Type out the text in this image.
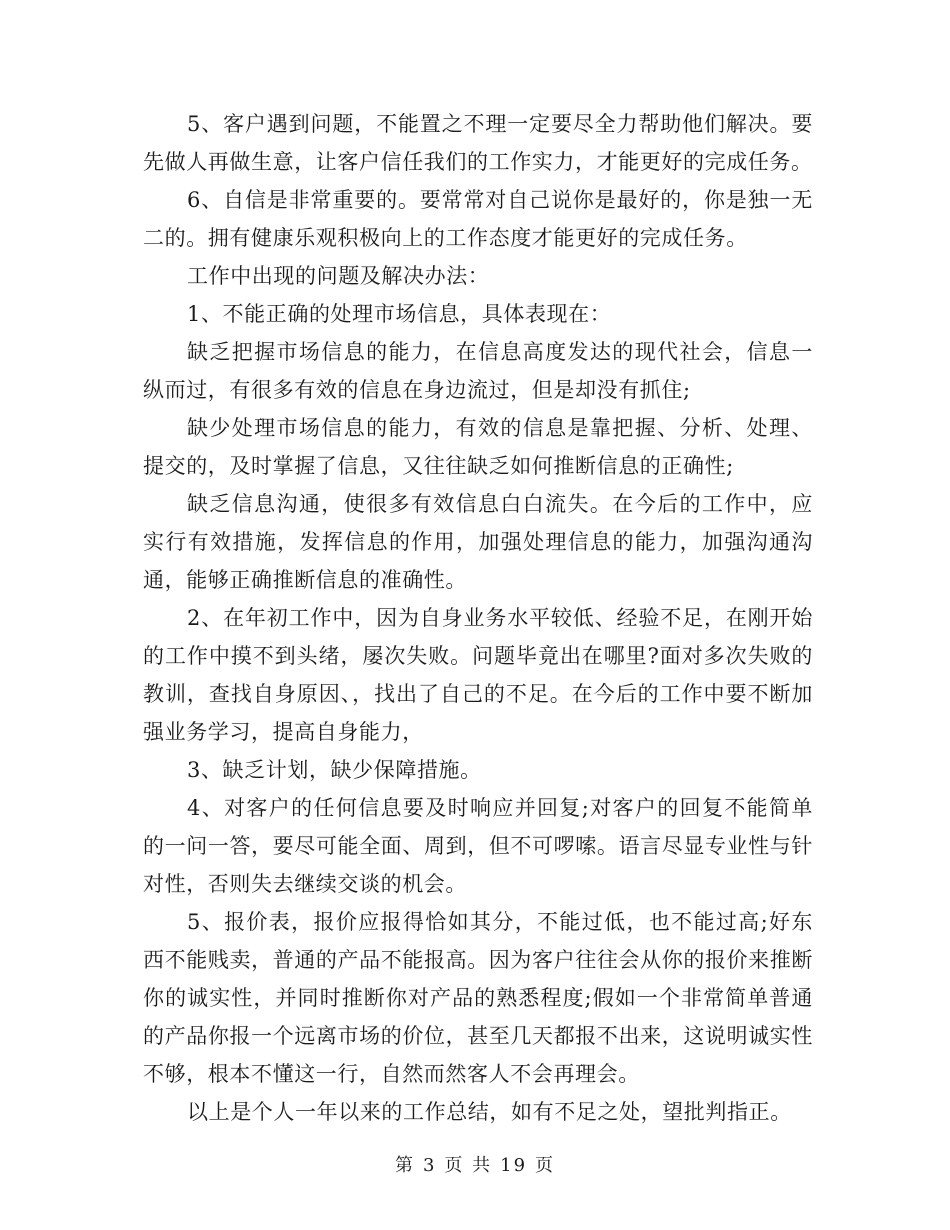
5、客户遇到问题，不能置之不理一定要尽全力帮助他们解决。要先做人再做生意，让客户信任我们的工作实力，才能更好的完成任务。

6、自信是非常重要的。要常常对自己说你是最好的，你是独一无二的。拥有健康乐观积极向上的工作态度才能更好的完成任务。

工作中出现的问题及解决办法：

1、不能正确的处理市场信息，具体表现在：

缺乏把握市场信息的能力，在信息高度发达的现代社会，信息一纵而过，有很多有效的信息在身边流过，但是却没有抓住;

缺少处理市场信息的能力，有效的信息是靠把握、分析、处理、提交的，及时掌握了信息，又往往缺乏如何推断信息的正确性;

缺乏信息沟通，使很多有效信息白白流失。在今后的工作中，应实行有效措施，发挥信息的作用，加强处理信息的能力，加强沟通沟通，能够正确推断信息的准确性。

2、在年初工作中，因为自身业务水平较低、经验不足，在刚开始的工作中摸不到头绪，屡次失败。问题毕竟出在哪里?面对多次失败的教训，查找自身原因、，找出了自己的不足。在今后的工作中要不断加强业务学习，提高自身能力，

3、缺乏计划，缺少保障措施。

4、对客户的任何信息要及时响应并回复;对客户的回复不能简单的一问一答，要尽可能全面、周到，但不可啰嗦。语言尽显专业性与针对性，否则失去继续交谈的机会。

5、报价表，报价应报得恰如其分，不能过低，也不能过高;好东西不能贱卖，普通的产品不能报高。因为客户往往会从你的报价来推断你的诚实性，并同时推断你对产品的熟悉程度;假如一个非常简单普通的产品你报一个远离市场的价位，甚至几天都报不出来，这说明诚实性不够，根本不懂这一行，自然而然客人不会再理会。

以上是个人一年以来的工作总结，如有不足之处，望批判指正。

第 3 页 共 19 页
